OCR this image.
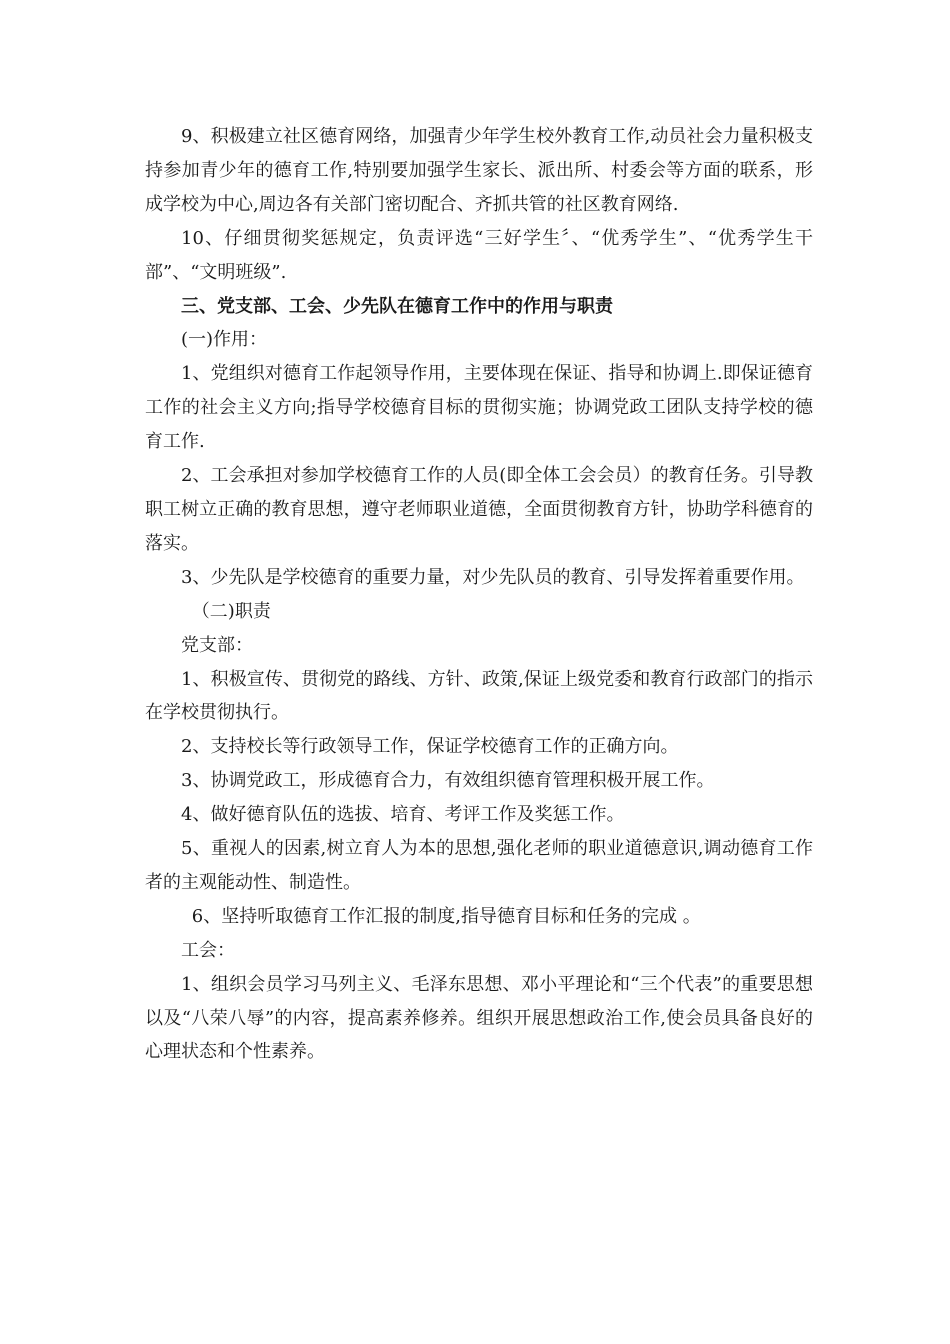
9、积极建立社区德育网络，加强青少年学生校外教育工作,动员社会力量积极支持参加青少年的德育工作,特别要加强学生家长、派出所、村委会等方面的联系，形成学校为中心,周边各有关部门密切配合、齐抓共管的社区教育网络.

10、仔细贯彻奖惩规定，负责评选“三好学生〞、“优秀学生”、“优秀学生干部”、“文明班级”.

三、党支部、工会、少先队在德育工作中的作用与职责

(一)作用：

1、党组织对德育工作起领导作用，主要体现在保证、指导和协调上.即保证德育工作的社会主义方向;指导学校德育目标的贯彻实施；协调党政工团队支持学校的德育工作.

2、工会承担对参加学校德育工作的人员(即全体工会会员）的教育任务。引导教职工树立正确的教育思想，遵守老师职业道德，全面贯彻教育方针，协助学科德育的落实。

3、少先队是学校德育的重要力量，对少先队员的教育、引导发挥着重要作用。

（二)职责

党支部：

1、积极宣传、贯彻党的路线、方针、政策,保证上级党委和教育行政部门的指示在学校贯彻执行。

2、支持校长等行政领导工作，保证学校德育工作的正确方向。

3、协调党政工，形成德育合力，有效组织德育管理积极开展工作。

4、做好德育队伍的选拔、培育、考评工作及奖惩工作。

5、重视人的因素,树立育人为本的思想,强化老师的职业道德意识,调动德育工作者的主观能动性、制造性。

6、坚持听取德育工作汇报的制度,指导德育目标和任务的完成 。

工会：

1、组织会员学习马列主义、毛泽东思想、邓小平理论和“三个代表”的重要思想以及“八荣八辱”的内容，提高素养修养。组织开展思想政治工作,使会员具备良好的心理状态和个性素养。
